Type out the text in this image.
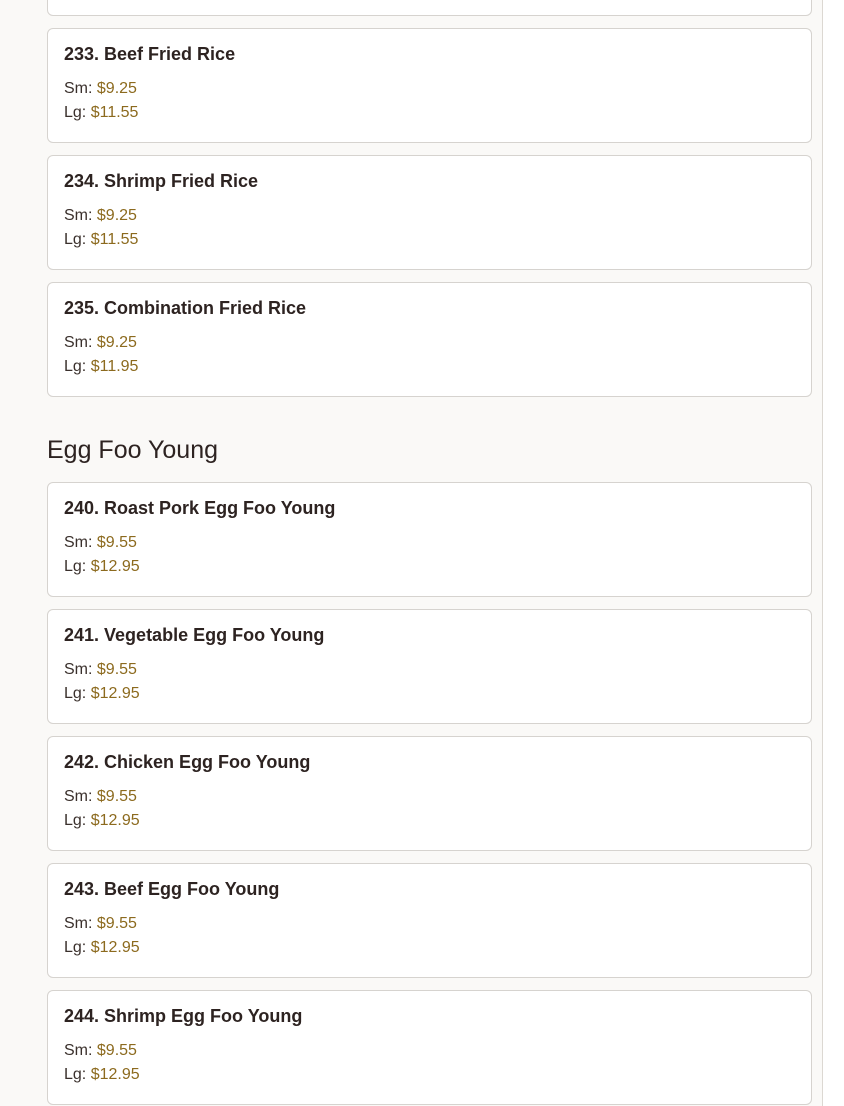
233. Beef Fried Rice

Sm: $9.25

Lg: $11.55

234. Shrimp Fried Rice

Sm: $9.25

Lg: $11.55

235. Combination Fried Rice

Sm: $9.25

Lg: $11.95

Egg Foo Young

240. Roast Pork Egg Foo Young

Sm: $9.55

Lg: $12.95

241. Vegetable Egg Foo Young

Sm: $9.55

Lg: $12.95

242. Chicken Egg Foo Young

Sm: $9.55

Lg: $12.95

243. Beef Egg Foo Young

Sm: $9.55

Lg: $12.95

244. Shrimp Egg Foo Young

Sm: $9.55

Lg: $12.95
